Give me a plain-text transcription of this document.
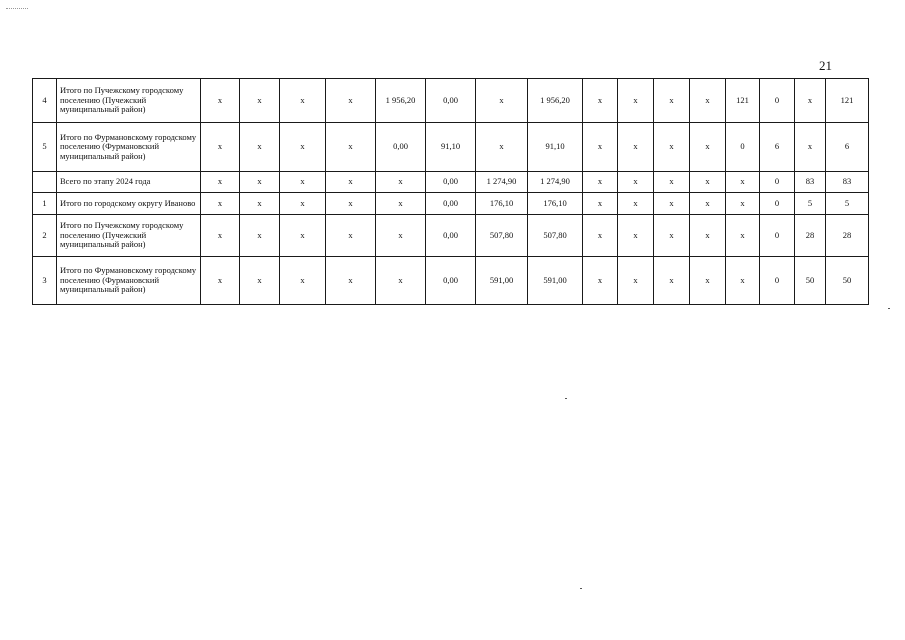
21
4	Итого по Пучежскому городскому поселению (Пучежский муниципальный район)	х	х	х	х	1 956,20	0,00	х	1 956,20	х	х	х	х	121	0	х	121
5	Итого по Фурмановскому городскому поселению (Фурмановский муниципальный район)	х	х	х	х	0,00	91,10	х	91,10	х	х	х	х	0	6	х	6
	Всего по этапу 2024 года	х	х	х	х	х	0,00	1 274,90	1 274,90	х	х	х	х	х	0	83	83
1	Итого по городскому округу Иваново	х	х	х	х	х	0,00	176,10	176,10	х	х	х	х	х	0	5	5
2	Итого по Пучежскому городскому поселению (Пучежский муниципальный район)	х	х	х	х	х	0,00	507,80	507,80	х	х	х	х	х	0	28	28
3	Итого по Фурмановскому городскому поселению (Фурмановский муниципальный район)	х	х	х	х	х	0,00	591,00	591,00	х	х	х	х	х	0	50	50
